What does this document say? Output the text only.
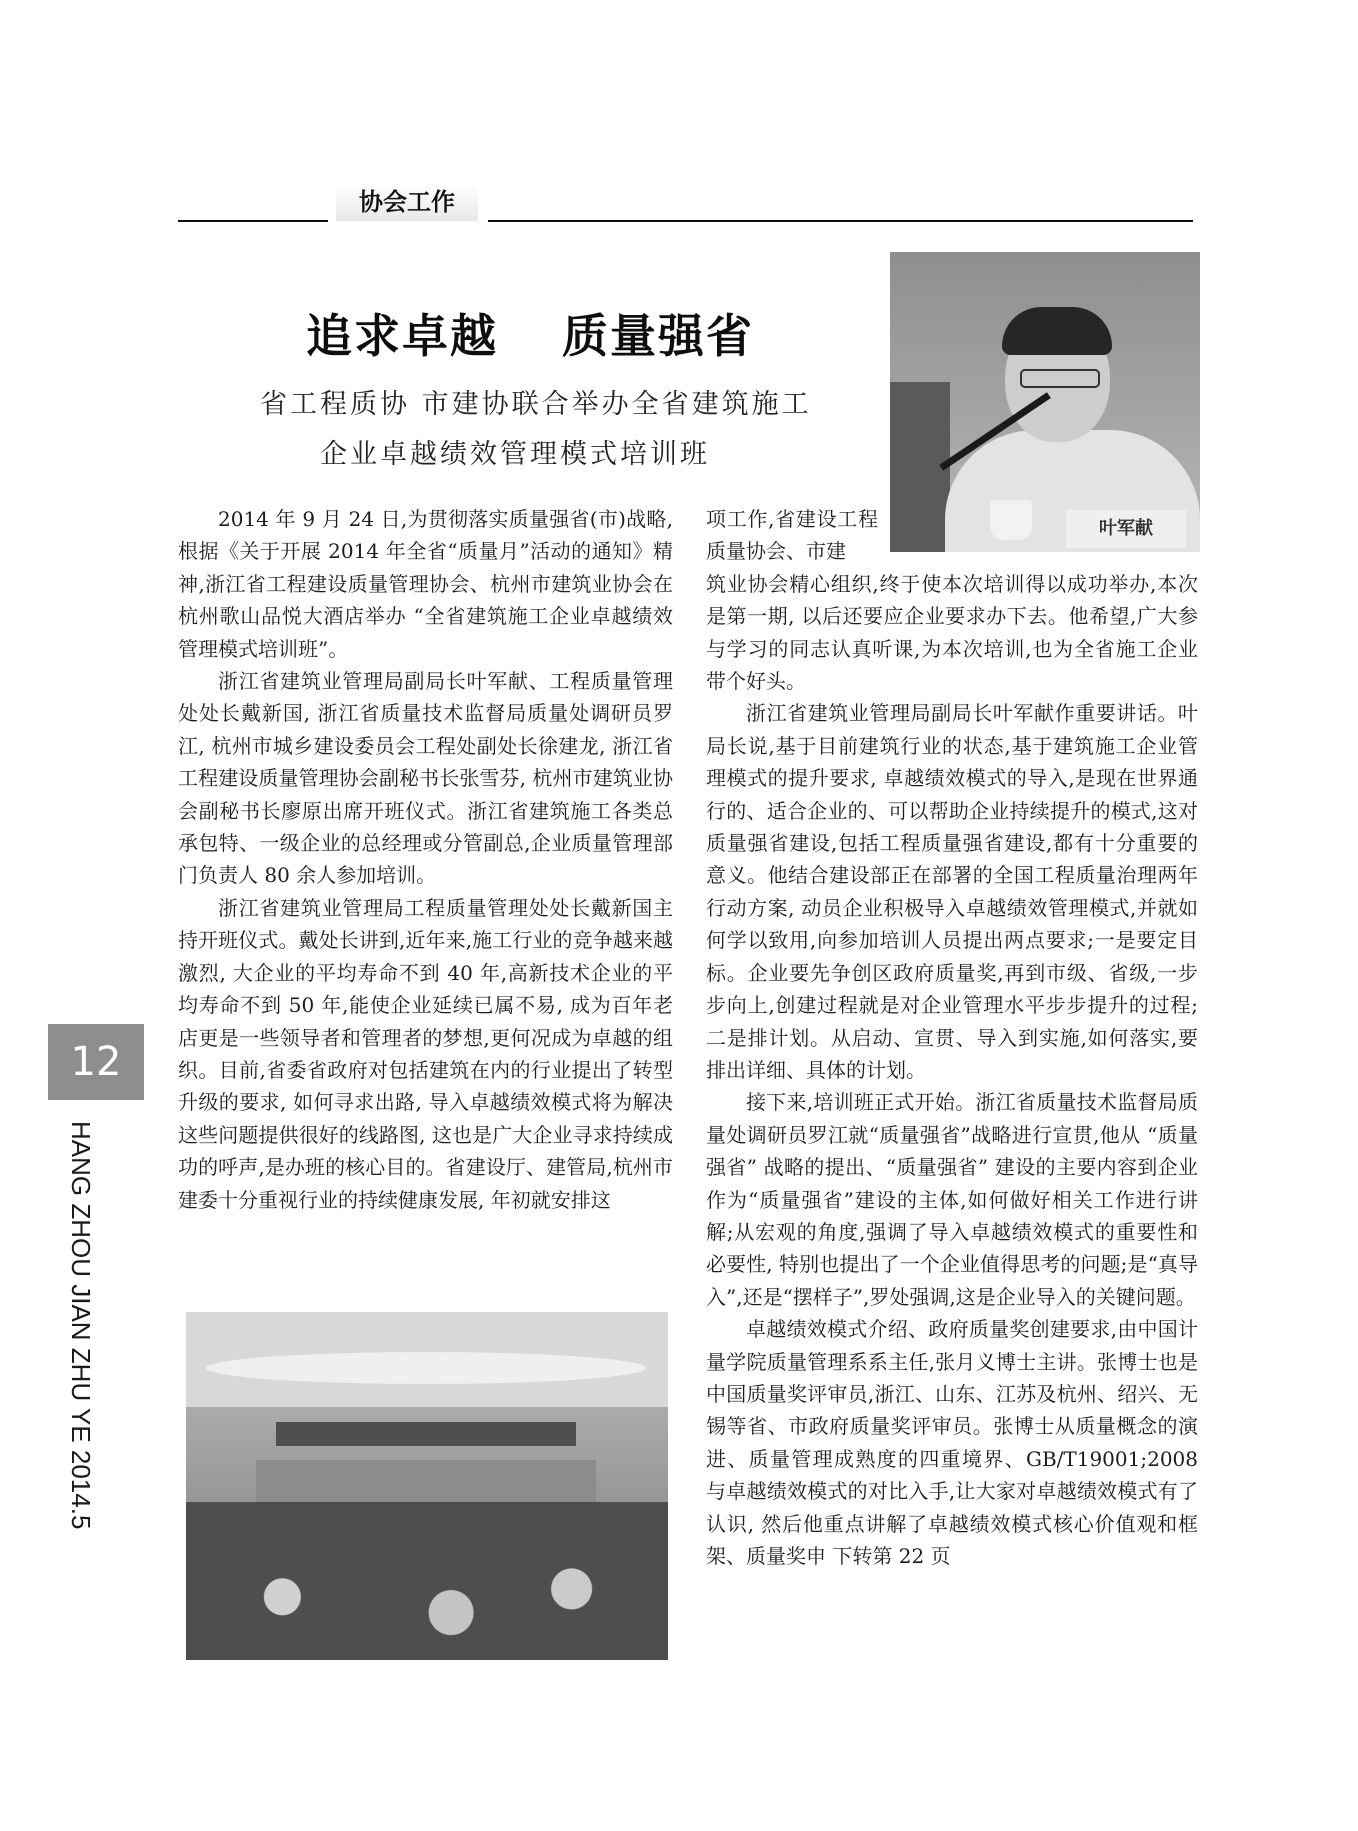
协会工作
追求卓越 质量强省
省工程质协 市建协联合举办全省建筑施工
企业卓越绩效管理模式培训班
叶军献

2014 年 9 月 24 日,为贯彻落实质量强省(市)战略,根据《关于开展 2014 年全省“质量月”活动的通知》精神,浙江省工程建设质量管理协会、杭州市建筑业协会在杭州歌山品悦大酒店举办 “全省建筑施工企业卓越绩效管理模式培训班”。

浙江省建筑业管理局副局长叶军献、工程质量管理处处长戴新国, 浙江省质量技术监督局质量处调研员罗江, 杭州市城乡建设委员会工程处副处长徐建龙, 浙江省工程建设质量管理协会副秘书长张雪芬, 杭州市建筑业协会副秘书长廖原出席开班仪式。浙江省建筑施工各类总承包特、一级企业的总经理或分管副总,企业质量管理部门负责人 80 余人参加培训。

浙江省建筑业管理局工程质量管理处处长戴新国主持开班仪式。戴处长讲到,近年来,施工行业的竞争越来越激烈, 大企业的平均寿命不到 40 年,高新技术企业的平均寿命不到 50 年,能使企业延续已属不易, 成为百年老店更是一些领导者和管理者的梦想,更何况成为卓越的组织。目前,省委省政府对包括建筑在内的行业提出了转型升级的要求, 如何寻求出路, 导入卓越绩效模式将为解决这些问题提供很好的线路图, 这也是广大企业寻求持续成功的呼声,是办班的核心目的。省建设厅、建管局,杭州市建委十分重视行业的持续健康发展, 年初就安排这

项工作,省建设工程质量协会、市建

筑业协会精心组织,终于使本次培训得以成功举办,本次是第一期, 以后还要应企业要求办下去。他希望,广大参与学习的同志认真听课,为本次培训,也为全省施工企业带个好头。

浙江省建筑业管理局副局长叶军献作重要讲话。叶局长说,基于目前建筑行业的状态,基于建筑施工企业管理模式的提升要求, 卓越绩效模式的导入,是现在世界通行的、适合企业的、可以帮助企业持续提升的模式,这对质量强省建设,包括工程质量强省建设,都有十分重要的意义。他结合建设部正在部署的全国工程质量治理两年行动方案, 动员企业积极导入卓越绩效管理模式,并就如何学以致用,向参加培训人员提出两点要求;一是要定目标。企业要先争创区政府质量奖,再到市级、省级,一步步向上,创建过程就是对企业管理水平步步提升的过程;二是排计划。从启动、宣贯、导入到实施,如何落实,要排出详细、具体的计划。

接下来,培训班正式开始。浙江省质量技术监督局质量处调研员罗江就“质量强省”战略进行宣贯,他从 “质量强省” 战略的提出、“质量强省” 建设的主要内容到企业作为“质量强省”建设的主体,如何做好相关工作进行讲解;从宏观的角度,强调了导入卓越绩效模式的重要性和必要性, 特别也提出了一个企业值得思考的问题;是“真导入”,还是“摆样子”,罗处强调,这是企业导入的关键问题。

卓越绩效模式介绍、政府质量奖创建要求,由中国计量学院质量管理系系主任,张月义博士主讲。张博士也是中国质量奖评审员,浙江、山东、江苏及杭州、绍兴、无锡等省、市政府质量奖评审员。张博士从质量概念的演进、质量管理成熟度的四重境界、GB/T19001;2008 与卓越绩效模式的对比入手,让大家对卓越绩效模式有了认识, 然后他重点讲解了卓越绩效模式核心价值观和框架、质量奖申 下转第 22 页

12
HANG ZHOU JIAN ZHU YE 2014.5
